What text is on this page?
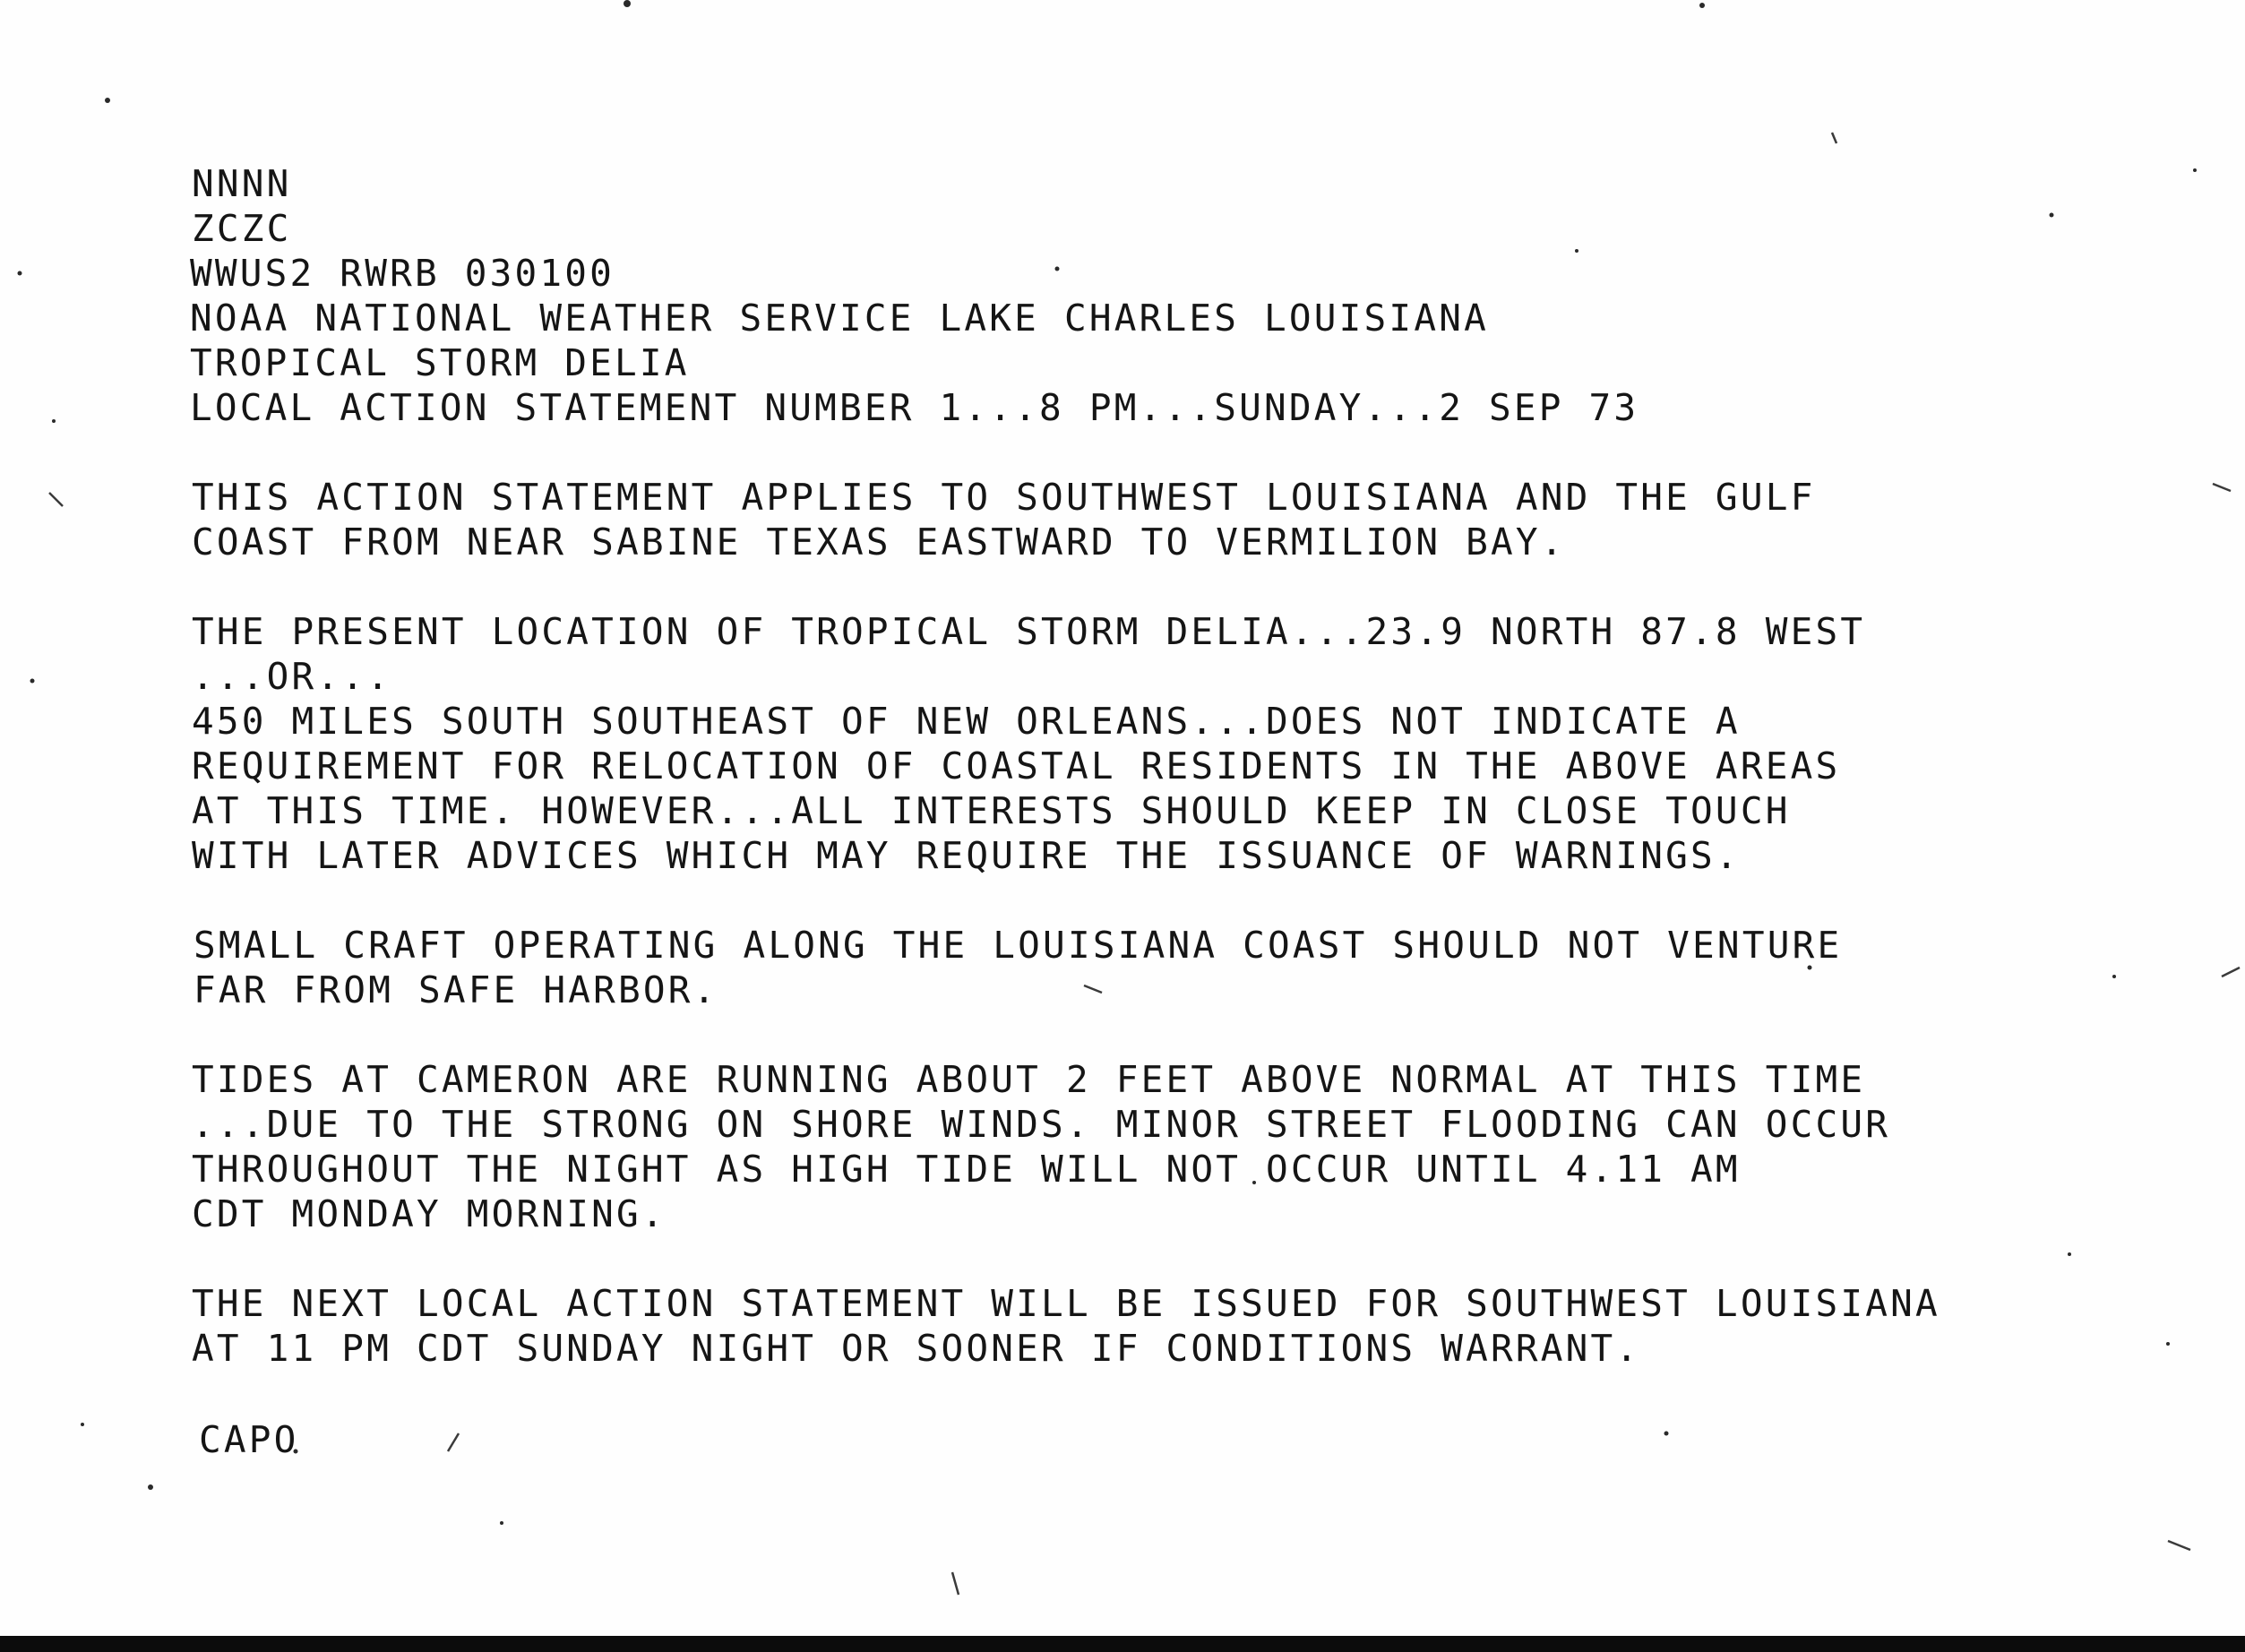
NNNN

ZCZC

WWUS2 RWRB 030100

NOAA NATIONAL WEATHER SERVICE LAKE CHARLES LOUISIANA

TROPICAL STORM DELIA

LOCAL ACTION STATEMENT NUMBER 1...8 PM...SUNDAY...2 SEP 73

THIS ACTION STATEMENT APPLIES TO SOUTHWEST LOUISIANA AND THE GULF

COAST FROM NEAR SABINE TEXAS EASTWARD TO VERMILION BAY.

THE PRESENT LOCATION OF TROPICAL STORM DELIA...23.9 NORTH 87.8 WEST

...OR...

450 MILES SOUTH SOUTHEAST OF NEW ORLEANS...DOES NOT INDICATE A

REQUIREMENT FOR RELOCATION OF COASTAL RESIDENTS IN THE ABOVE AREAS

AT THIS TIME. HOWEVER...ALL INTERESTS SHOULD KEEP IN CLOSE TOUCH

WITH LATER ADVICES WHICH MAY REQUIRE THE ISSUANCE OF WARNINGS.

SMALL CRAFT OPERATING ALONG THE LOUISIANA COAST SHOULD NOT VENTURE

FAR FROM SAFE HARBOR.

TIDES AT CAMERON ARE RUNNING ABOUT 2 FEET ABOVE NORMAL AT THIS TIME

...DUE TO THE STRONG ON SHORE WINDS. MINOR STREET FLOODING CAN OCCUR

THROUGHOUT THE NIGHT AS HIGH TIDE WILL NOT OCCUR UNTIL 4.11 AM

CDT MONDAY MORNING.

THE NEXT LOCAL ACTION STATEMENT WILL BE ISSUED FOR SOUTHWEST LOUISIANA

AT 11 PM CDT SUNDAY NIGHT OR SOONER IF CONDITIONS WARRANT.

CAPO
